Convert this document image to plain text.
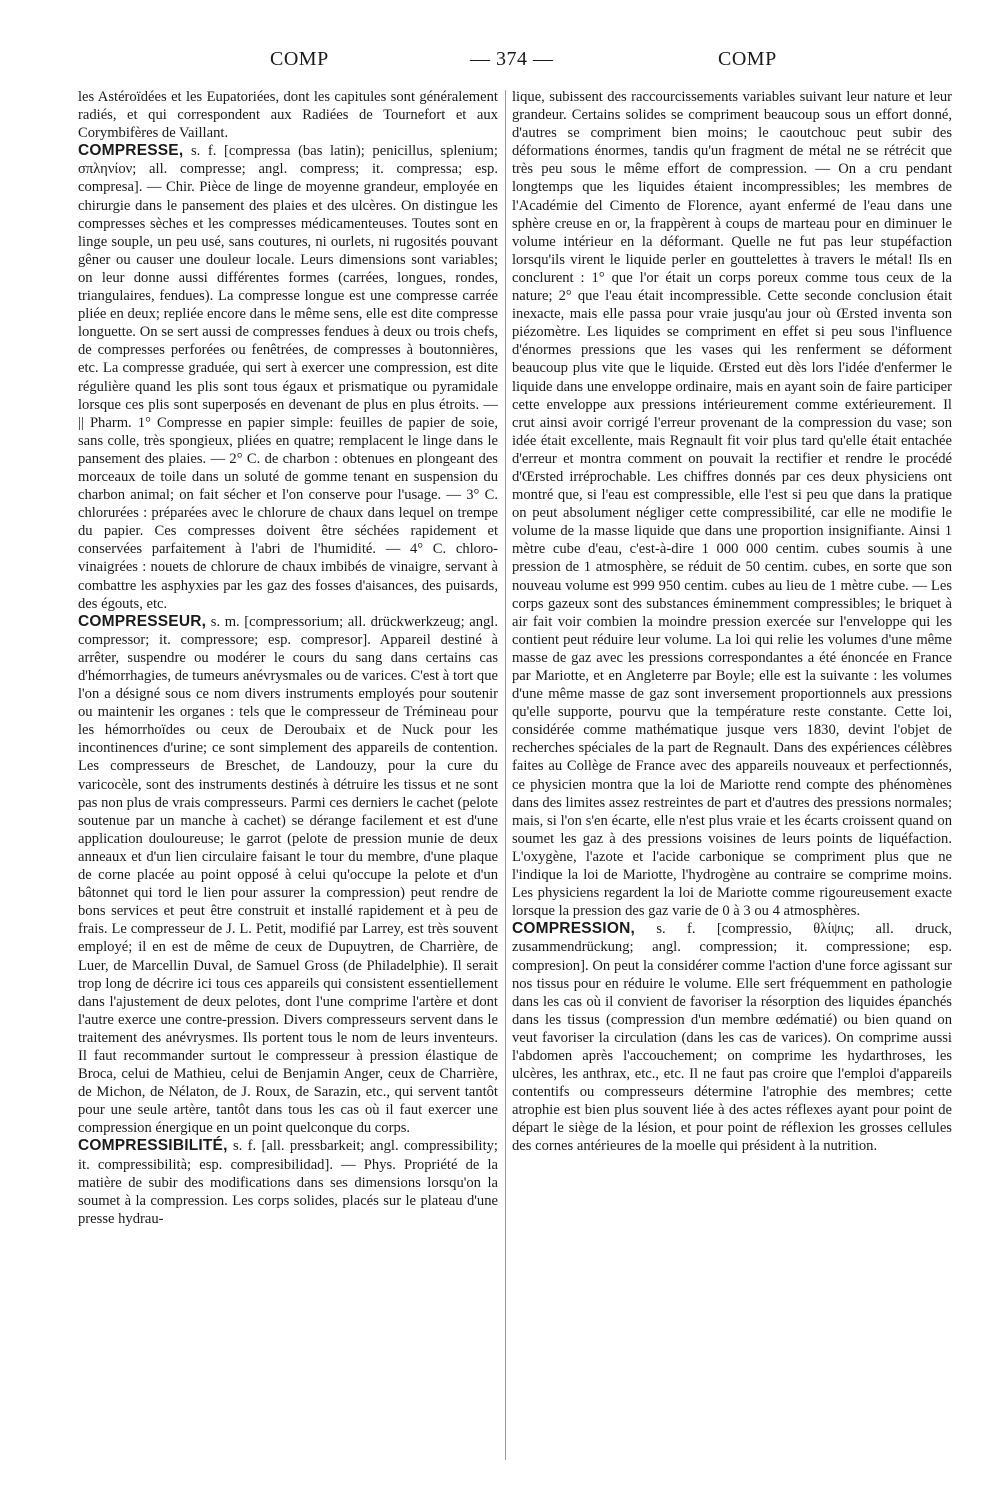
COMP	— 374 —	COMP

les Astéroïdées et les Eupatoriées, dont les capitules sont généralement radiés, et qui correspondent aux Radiées de Tournefort et aux Corymbifères de Vaillant.

COMPRESSE, s. f. [compressa (bas latin); penicillus, splenium; σπληνίον; all. compresse; angl. compress; it. compressa; esp. compresa]. — Chir. Pièce de linge de moyenne grandeur, employée en chirurgie dans le pansement des plaies et des ulcères. On distingue les compresses sèches et les compresses médicamenteuses. Toutes sont en linge souple, un peu usé, sans coutures, ni ourlets, ni rugosités pouvant gêner ou causer une douleur locale. Leurs dimensions sont variables; on leur donne aussi différentes formes (carrées, longues, rondes, triangulaires, fendues). La compresse longue est une compresse carrée pliée en deux; repliée encore dans le même sens, elle est dite compresse longuette. On se sert aussi de compresses fendues à deux ou trois chefs, de compresses perforées ou fenêtrées, de compresses à boutonnières, etc. La compresse graduée, qui sert à exercer une compression, est dite régulière quand les plis sont tous égaux et prismatique ou pyramidale lorsque ces plis sont superposés en devenant de plus en plus étroits. — || Pharm. 1° Compresse en papier simple: feuilles de papier de soie, sans colle, très spongieux, pliées en quatre; remplacent le linge dans le pansement des plaies. — 2° C. de charbon : obtenues en plongeant des morceaux de toile dans un soluté de gomme tenant en suspension du charbon animal; on fait sécher et l'on conserve pour l'usage. — 3° C. chlorurées : préparées avec le chlorure de chaux dans lequel on trempe du papier. Ces compresses doivent être séchées rapidement et conservées parfaitement à l'abri de l'humidité. — 4° C. chloro-vinaigrées : nouets de chlorure de chaux imbibés de vinaigre, servant à combattre les asphyxies par les gaz des fosses d'aisances, des puisards, des égouts, etc.

COMPRESSEUR, s. m. [compressorium; all. drückwerkzeug; angl. compressor; it. compressore; esp. compresor]. Appareil destiné à arrêter, suspendre ou modérer le cours du sang dans certains cas d'hémorrhagies, de tumeurs anévrysmales ou de varices. C'est à tort que l'on a désigné sous ce nom divers instruments employés pour soutenir ou maintenir les organes : tels que le compresseur de Trémineau pour les hémorrhoïdes ou ceux de Deroubaix et de Nuck pour les incontinences d'urine; ce sont simplement des appareils de contention. Les compresseurs de Breschet, de Landouzy, pour la cure du varicocèle, sont des instruments destinés à détruire les tissus et ne sont pas non plus de vrais compresseurs. Parmi ces derniers le cachet (pelote soutenue par un manche à cachet) se dérange facilement et est d'une application douloureuse; le garrot (pelote de pression munie de deux anneaux et d'un lien circulaire faisant le tour du membre, d'une plaque de corne placée au point opposé à celui qu'occupe la pelote et d'un bâtonnet qui tord le lien pour assurer la compression) peut rendre de bons services et peut être construit et installé rapidement et à peu de frais. Le compresseur de J. L. Petit, modifié par Larrey, est très souvent employé; il en est de même de ceux de Dupuytren, de Charrière, de Luer, de Marcellin Duval, de Samuel Gross (de Philadelphie). Il serait trop long de décrire ici tous ces appareils qui consistent essentiellement dans l'ajustement de deux pelotes, dont l'une comprime l'artère et dont l'autre exerce une contre-pression. Divers compresseurs servent dans le traitement des anévrysmes. Ils portent tous le nom de leurs inventeurs. Il faut recommander surtout le compresseur à pression élastique de Broca, celui de Mathieu, celui de Benjamin Anger, ceux de Charrière, de Michon, de Nélaton, de J. Roux, de Sarazin, etc., qui servent tantôt pour une seule artère, tantôt dans tous les cas où il faut exercer une compression énergique en un point quelconque du corps.

COMPRESSIBILITÉ, s. f. [all. pressbarkeit; angl. compressibility; it. compressibilità; esp. compresibilidad]. — Phys. Propriété de la matière de subir des modifications dans ses dimensions lorsqu'on la soumet à la compression. Les corps solides, placés sur le plateau d'une presse hydrau-

lique, subissent des raccourcissements variables suivant leur nature et leur grandeur. Certains solides se compriment beaucoup sous un effort donné, d'autres se compriment bien moins; le caoutchouc peut subir des déformations énormes, tandis qu'un fragment de métal ne se rétrécit que très peu sous le même effort de compression. — On a cru pendant longtemps que les liquides étaient incompressibles; les membres de l'Académie del Cimento de Florence, ayant enfermé de l'eau dans une sphère creuse en or, la frappèrent à coups de marteau pour en diminuer le volume intérieur en la déformant. Quelle ne fut pas leur stupéfaction lorsqu'ils virent le liquide perler en gouttelettes à travers le métal! Ils en conclurent : 1° que l'or était un corps poreux comme tous ceux de la nature; 2° que l'eau était incompressible. Cette seconde conclusion était inexacte, mais elle passa pour vraie jusqu'au jour où Œrsted inventa son piézomètre. Les liquides se compriment en effet si peu sous l'influence d'énormes pressions que les vases qui les renferment se déforment beaucoup plus vite que le liquide. Œrsted eut dès lors l'idée d'enfermer le liquide dans une enveloppe ordinaire, mais en ayant soin de faire participer cette enveloppe aux pressions intérieurement comme extérieurement. Il crut ainsi avoir corrigé l'erreur provenant de la compression du vase; son idée était excellente, mais Regnault fit voir plus tard qu'elle était entachée d'erreur et montra comment on pouvait la rectifier et rendre le procédé d'Œrsted irréprochable. Les chiffres donnés par ces deux physiciens ont montré que, si l'eau est compressible, elle l'est si peu que dans la pratique on peut absolument négliger cette compressibilité, car elle ne modifie le volume de la masse liquide que dans une proportion insignifiante. Ainsi 1 mètre cube d'eau, c'est-à-dire 1 000 000 centim. cubes soumis à une pression de 1 atmosphère, se réduit de 50 centim. cubes, en sorte que son nouveau volume est 999 950 centim. cubes au lieu de 1 mètre cube. — Les corps gazeux sont des substances éminemment compressibles; le briquet à air fait voir combien la moindre pression exercée sur l'enveloppe qui les contient peut réduire leur volume. La loi qui relie les volumes d'une même masse de gaz avec les pressions correspondantes a été énoncée en France par Mariotte, et en Angleterre par Boyle; elle est la suivante : les volumes d'une même masse de gaz sont inversement proportionnels aux pressions qu'elle supporte, pourvu que la température reste constante. Cette loi, considérée comme mathématique jusque vers 1830, devint l'objet de recherches spéciales de la part de Regnault. Dans des expériences célèbres faites au Collège de France avec des appareils nouveaux et perfectionnés, ce physicien montra que la loi de Mariotte rend compte des phénomènes dans des limites assez restreintes de part et d'autres des pressions normales; mais, si l'on s'en écarte, elle n'est plus vraie et les écarts croissent quand on soumet les gaz à des pressions voisines de leurs points de liquéfaction. L'oxygène, l'azote et l'acide carbonique se compriment plus que ne l'indique la loi de Mariotte, l'hydrogène au contraire se comprime moins. Les physiciens regardent la loi de Mariotte comme rigoureusement exacte lorsque la pression des gaz varie de 0 à 3 ou 4 atmosphères.

COMPRESSION, s. f. [compressio, θλίψις; all. druck, zusammendrückung; angl. compression; it. compressione; esp. compresion]. On peut la considérer comme l'action d'une force agissant sur nos tissus pour en réduire le volume. Elle sert fréquemment en pathologie dans les cas où il convient de favoriser la résorption des liquides épanchés dans les tissus (compression d'un membre œdématié) ou bien quand on veut favoriser la circulation (dans les cas de varices). On comprime aussi l'abdomen après l'accouchement; on comprime les hydarthroses, les ulcères, les anthrax, etc., etc. Il ne faut pas croire que l'emploi d'appareils contentifs ou compresseurs détermine l'atrophie des membres; cette atrophie est bien plus souvent liée à des actes réflexes ayant pour point de départ le siège de la lésion, et pour point de réflexion les grosses cellules des cornes antérieures de la moelle qui président à la nutrition.
